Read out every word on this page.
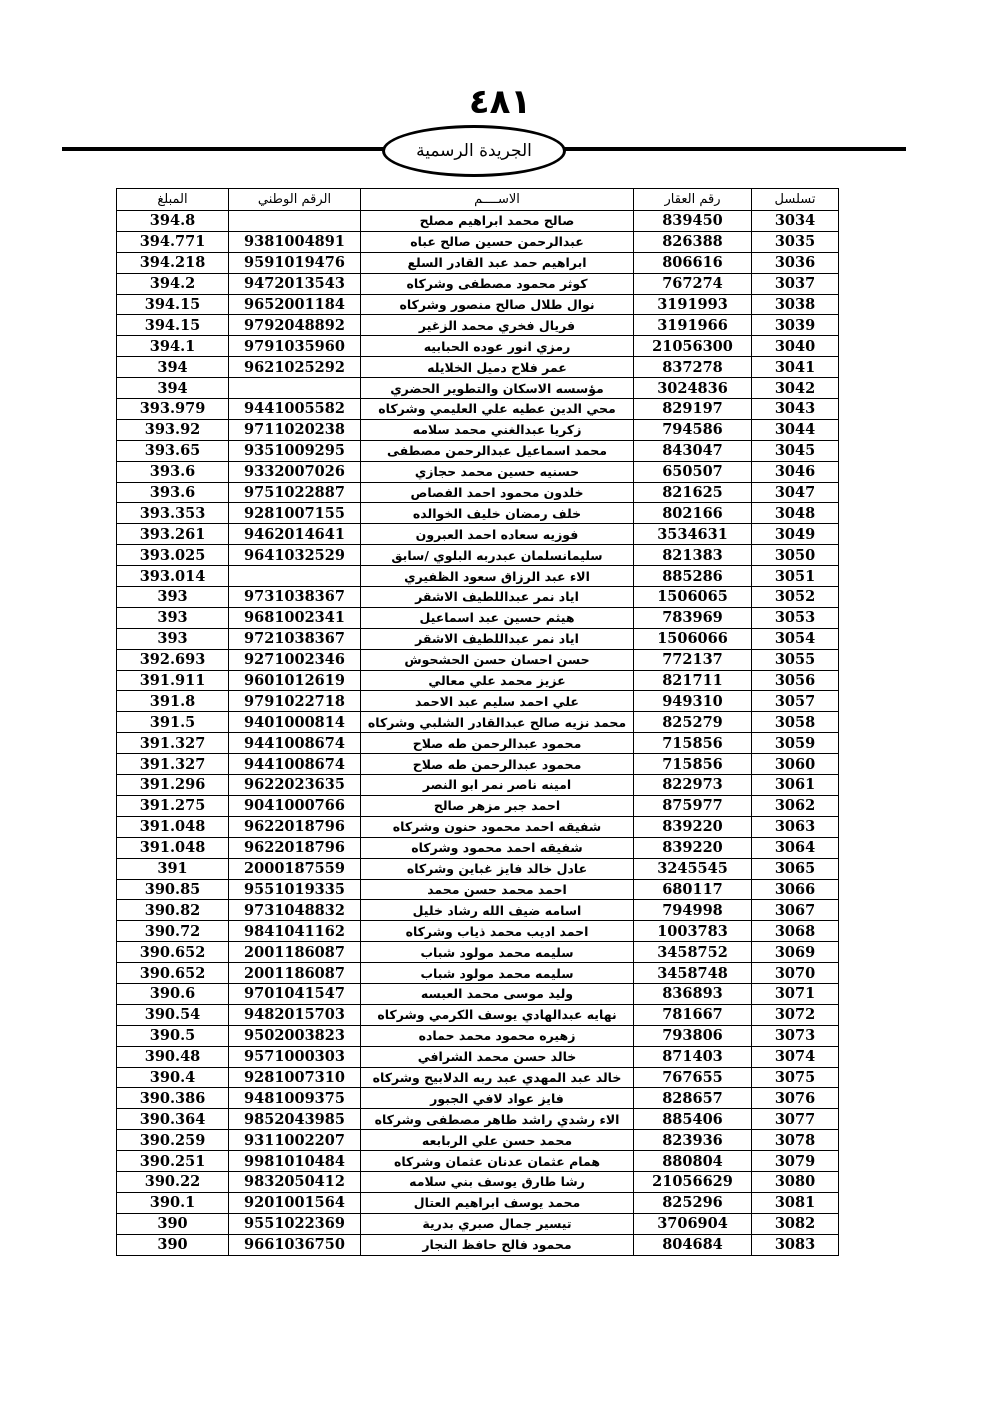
٤٨١
الجريدة الرسمية
المبلغ	الرقم الوطني	الاســــم	رقم العقار	تسلسل
394.8		صالح محمد ابراهيم مصلح	839450	3034
394.771	9381004891	عبدالرحمن حسين صالح عباه	826388	3035
394.218	9591019476	ابراهيم حمد عبد القادر السلع	806616	3036
394.2	9472013543	كوثر محمود مصطفى وشركاه	767274	3037
394.15	9652001184	نوال طلال صالح منصور وشركاه	3191993	3038
394.15	9792048892	فريال فخري محمد الزغير	3191966	3039
394.1	9791035960	رمزي انور عوده الحبابيه	21056300	3040
394	9621025292	عمر فلاح دميل الخلايله	837278	3041
394		مؤسسه الاسكان والتطوير الحضري	3024836	3042
393.979	9441005582	محي الدين عطيه علي العليمي وشركاه	829197	3043
393.92	9711020238	زكريا عبدالغني محمد سلامه	794586	3044
393.65	9351009295	محمد اسماعيل عبدالرحمن مصطفى	843047	3045
393.6	9332007026	حسنيه حسين محمد حجازي	650507	3046
393.6	9751022887	خلدون محمود احمد الفصاص	821625	3047
393.353	9281007155	خلف رمضان خليف الخوالده	802166	3048
393.261	9462014641	فوزيه سعاده احمد العبرون	3534631	3049
393.025	9641032529	سليمانسلمان عبدربه البلوي /سابق	821383	3050
393.014		الاء عبد الرزاق سعود الظفيري	885286	3051
393	9731038367	اياد نمر عبداللطيف الاشقر	1506065	3052
393	9681002341	هيثم حسين عبد اسماعيل	783969	3053
393	9721038367	اياد نمر عبداللطيف الاشقر	1506066	3054
392.693	9271002346	حسن احسان حسن الحشحوش	772137	3055
391.911	9601012619	عزيز محمد علي معالي	821711	3056
391.8	9791022718	علي احمد سليم عبد الاحمد	949310	3057
391.5	9401000814	محمد نزيه صالح عبدالقادر الشلبي وشركاه	825279	3058
391.327	9441008674	محمود عبدالرحمن طه صلاح	715856	3059
391.327	9441008674	محمود عبدالرحمن طه صلاح	715856	3060
391.296	9622023635	امينه ناصر نمر ابو النصر	822973	3061
391.275	9041000766	احمد جبر مزهر صالح	875977	3062
391.048	9622018796	شفيقه احمد محمود حنون وشركاه	839220	3063
391.048	9622018796	شفيقه احمد محمود وشركاه	839220	3064
391	2000187559	عادل خالد فايز غباين وشركاه	3245545	3065
390.85	9551019335	احمد محمد حسن محمد	680117	3066
390.82	9731048832	اسامه ضيف الله رشاد خليل	794998	3067
390.72	9841041162	احمد اديب محمد ذياب وشركاه	1003783	3068
390.652	2001186087	سليمه محمد مولود شباب	3458752	3069
390.652	2001186087	سليمه محمد مولود شباب	3458748	3070
390.6	9701041547	وليد موسى محمد العبسه	836893	3071
390.54	9482015703	نهايه عبدالهادي يوسف الكرمي وشركاه	781667	3072
390.5	9502003823	زهيره محمود محمد حماده	793806	3073
390.48	9571000303	خالد حسن محمد الشرافي	871403	3074
390.4	9281007310	خالد عبد المهدي عبد ربه الدلابيح وشركاه	767655	3075
390.386	9481009375	فايز عواد لافي الجبور	828657	3076
390.364	9852043985	الاء رشدي راشد طاهر مصطفى وشركاه	885406	3077
390.259	9311002207	محمد حسن علي الربابعه	823936	3078
390.251	9981010484	همام عثمان عدنان عثمان وشركاه	880804	3079
390.22	9832050412	رشا طارق يوسف بني سلامه	21056629	3080
390.1	9201001564	محمد يوسف ابراهيم العتال	825296	3081
390	9551022369	تيسير جمال صبري بدرية	3706904	3082
390	9661036750	محمود فالح حافظ النجار	804684	3083
